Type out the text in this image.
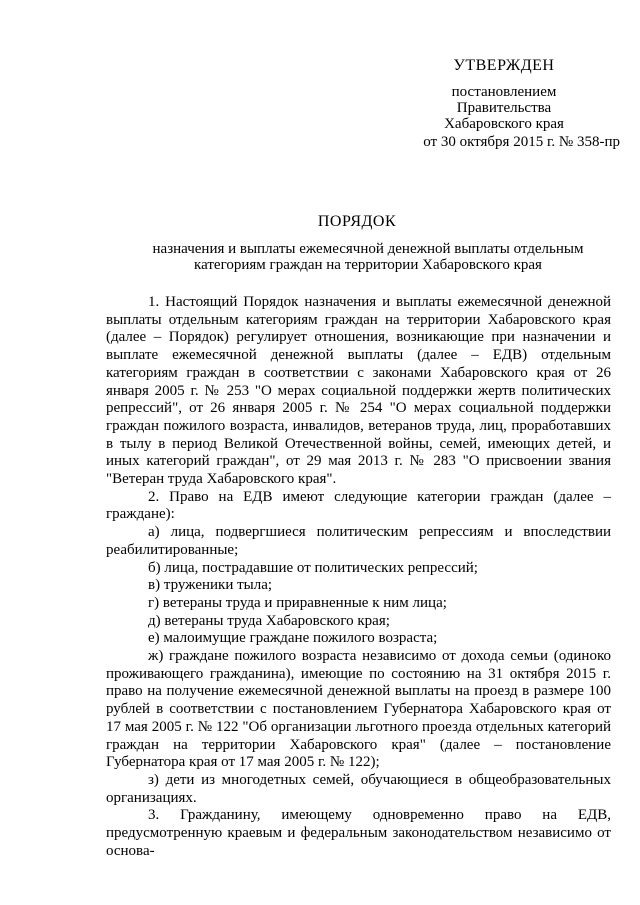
УТВЕРЖДЕН
постановлением
Правительства
Хабаровского края
от 30 октября 2015 г. № 358-пр
ПОРЯДОК
назначения и выплаты ежемесячной денежной выплаты отдельным
категориям граждан на территории Хабаровского края

1. Настоящий Порядок назначения и выплаты ежемесячной денежной выплаты отдельным категориям граждан на территории Хабаровского края (далее – Порядок) регулирует отношения, возникающие при назначении и выплате ежемесячной денежной выплаты (далее – ЕДВ) отдельным категориям граждан в соответствии с законами Хабаровского края от 26 января 2005 г. № 253 "О мерах социальной поддержки жертв политических репрессий", от 26 января 2005 г. № 254 "О мерах социальной поддержки граждан пожилого возраста, инвалидов, ветеранов труда, лиц, проработавших в тылу в период Великой Отечественной войны, семей, имеющих детей, и иных категорий граждан", от 29 мая 2013 г. № 283 "О присвоении звания "Ветеран труда Хабаровского края".

2. Право на ЕДВ имеют следующие категории граждан (далее – граждане):

а) лица, подвергшиеся политическим репрессиям и впоследствии реабилитированные;

б) лица, пострадавшие от политических репрессий;

в) труженики тыла;

г) ветераны труда и приравненные к ним лица;

д) ветераны труда Хабаровского края;

е) малоимущие граждане пожилого возраста;

ж) граждане пожилого возраста независимо от дохода семьи (одиноко проживающего гражданина), имеющие по состоянию на 31 октября 2015 г. право на получение ежемесячной денежной выплаты на проезд в размере 100 рублей в соответствии с постановлением Губернатора Хабаровского края от 17 мая 2005 г. № 122 "Об организации льготного проезда отдельных категорий граждан на территории Хабаровского края" (далее – постановление Губернатора края от 17 мая 2005 г. № 122);

з) дети из многодетных семей, обучающиеся в общеобразовательных организациях.

3. Гражданину, имеющему одновременно право на ЕДВ, предусмотренную краевым и федеральным законодательством независимо от основа-
